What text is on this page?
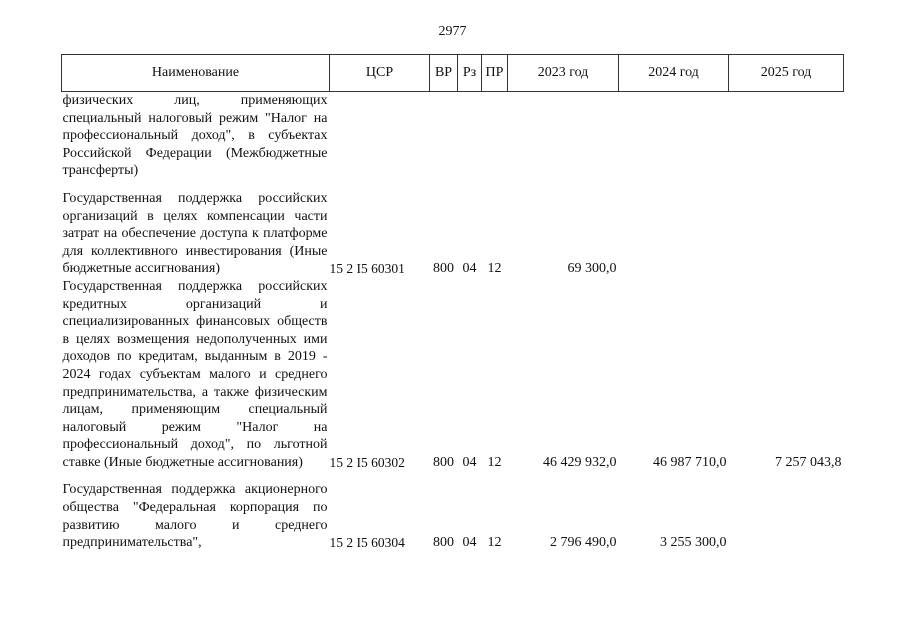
2977
Наименование	ЦСР	ВР	Рз	ПР	2023 год	2024 год	2025 год
физических лиц, применяющих специальный налоговый режим "Налог на профессиональный доход", в субъектах Российской Федерации (Межбюджетные трансферты)							
Государственная поддержка российских организаций в целях компенсации части затрат на обеспечение доступа к платформе для коллективного инвестирования (Иные бюджетные ассигнования)	15 2 I5 60301	800	04	12	69 300,0		
Государственная поддержка российских кредитных организаций и специализированных финансовых обществ в целях возмещения недополученных ими доходов по кредитам, выданным в 2019 - 2024 годах субъектам малого и среднего предпринимательства, а также физическим лицам, применяющим специальный налоговый режим "Налог на профессиональный доход", по льготной ставке (Иные бюджетные ассигнования)	15 2 I5 60302	800	04	12	46 429 932,0	46 987 710,0	7 257 043,8
Государственная поддержка акционерного общества "Федеральная корпорация по развитию малого и среднего предпринимательства",	15 2 I5 60304	800	04	12	2 796 490,0	3 255 300,0	
